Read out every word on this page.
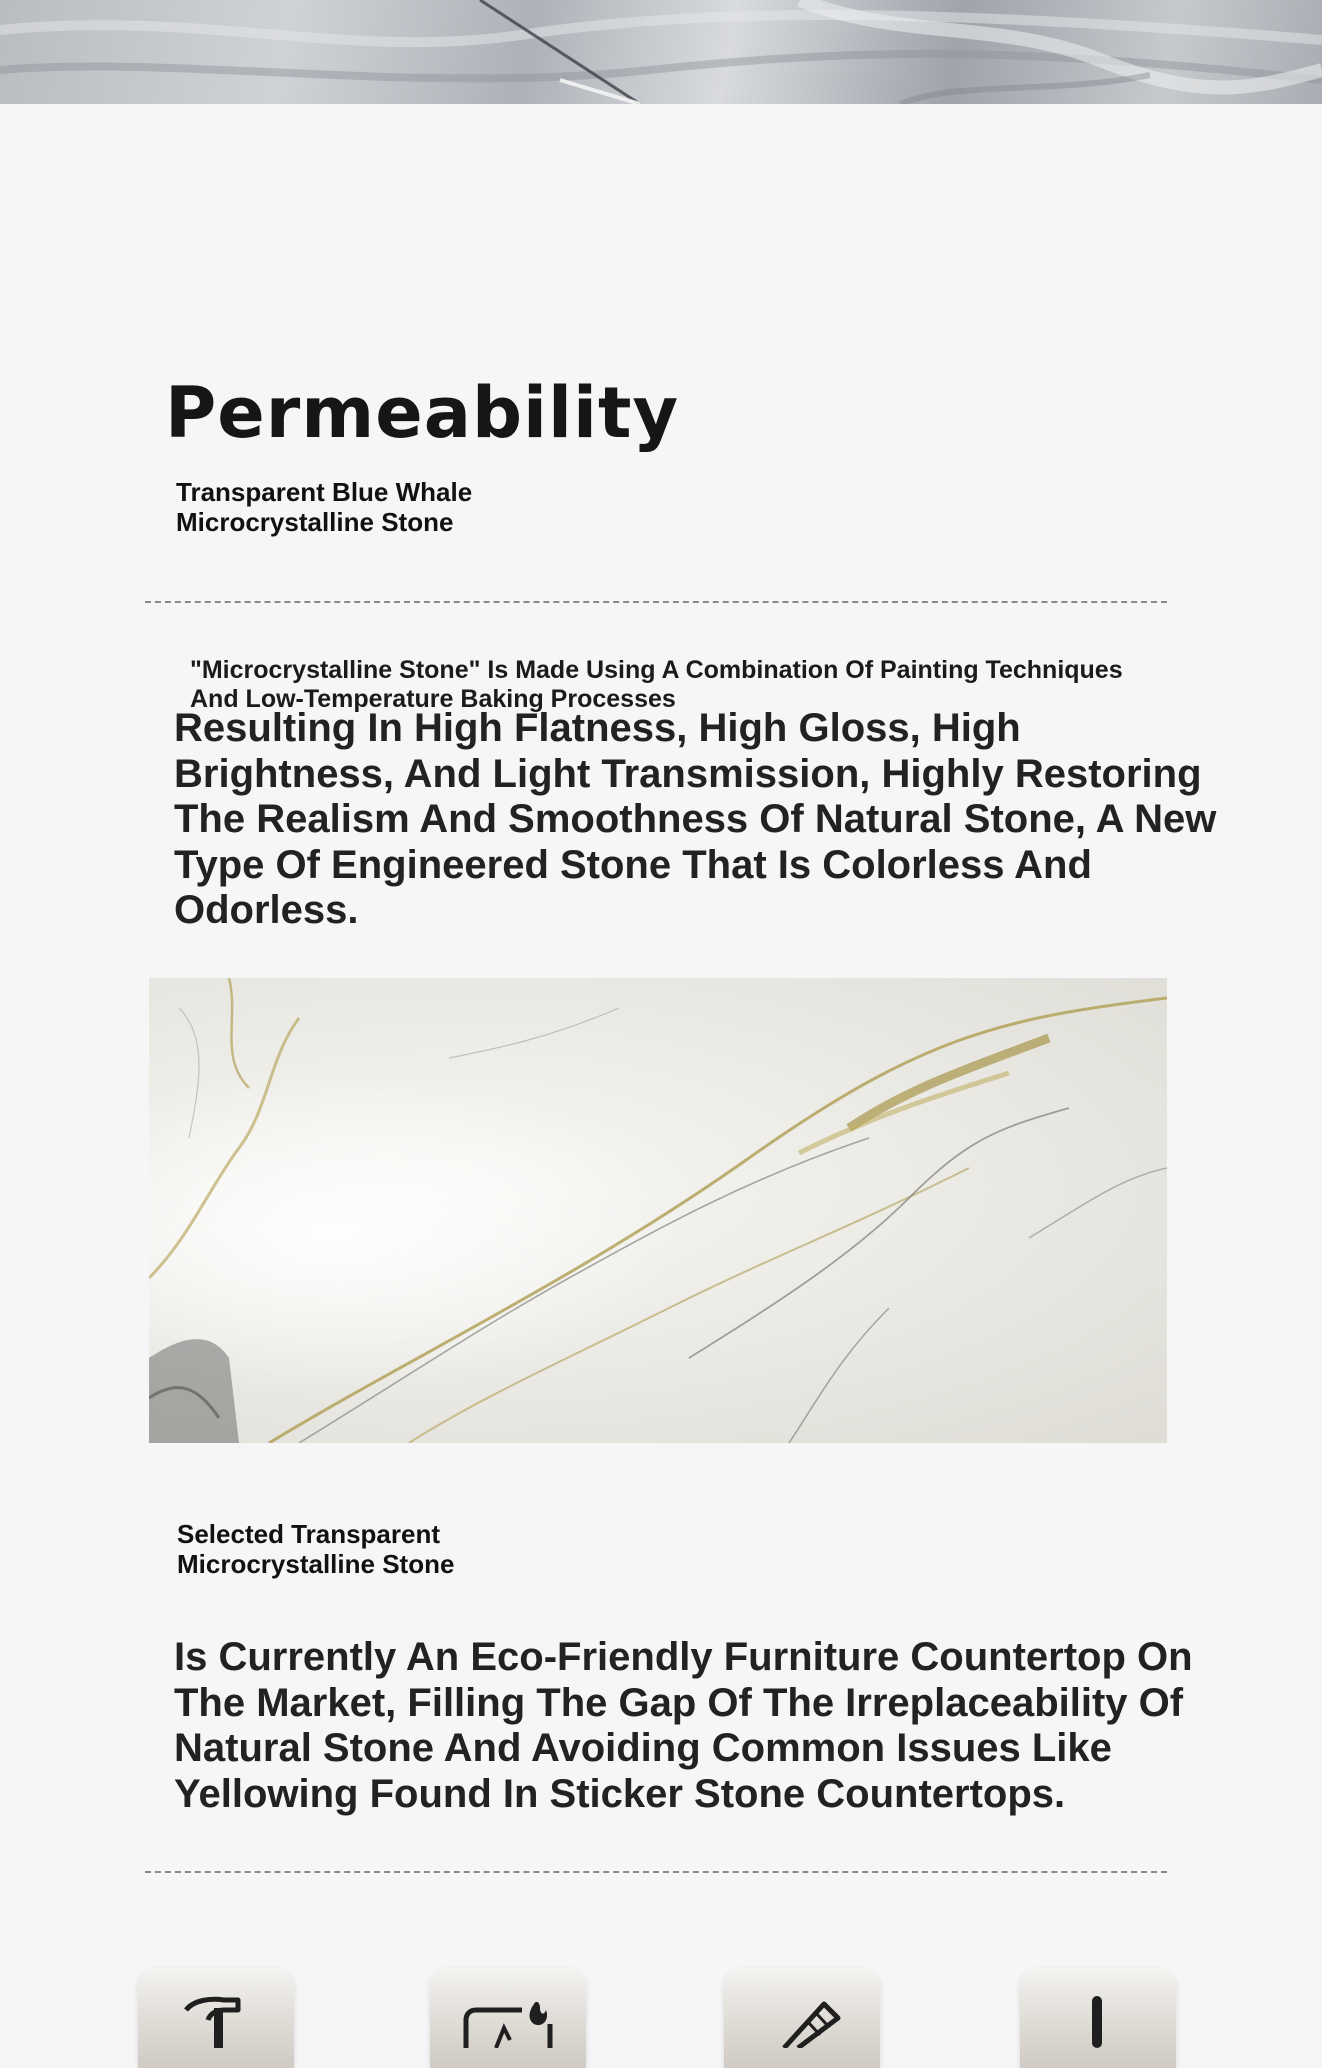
Permeability
Transparent Blue Whale
Microcrystalline Stone
"Microcrystalline Stone" Is Made Using A Combination Of Painting Techniques
And Low-Temperature Baking Processes
Resulting In High Flatness, High Gloss, High
Brightness, And Light Transmission, Highly Restoring
The Realism And Smoothness Of Natural Stone, A New
Type Of Engineered Stone That Is Colorless And
Odorless.
Selected Transparent
Microcrystalline Stone
Is Currently An Eco-Friendly Furniture Countertop On
The Market, Filling The Gap Of The Irreplaceability Of
Natural Stone And Avoiding Common Issues Like
Yellowing Found In Sticker Stone Countertops.
